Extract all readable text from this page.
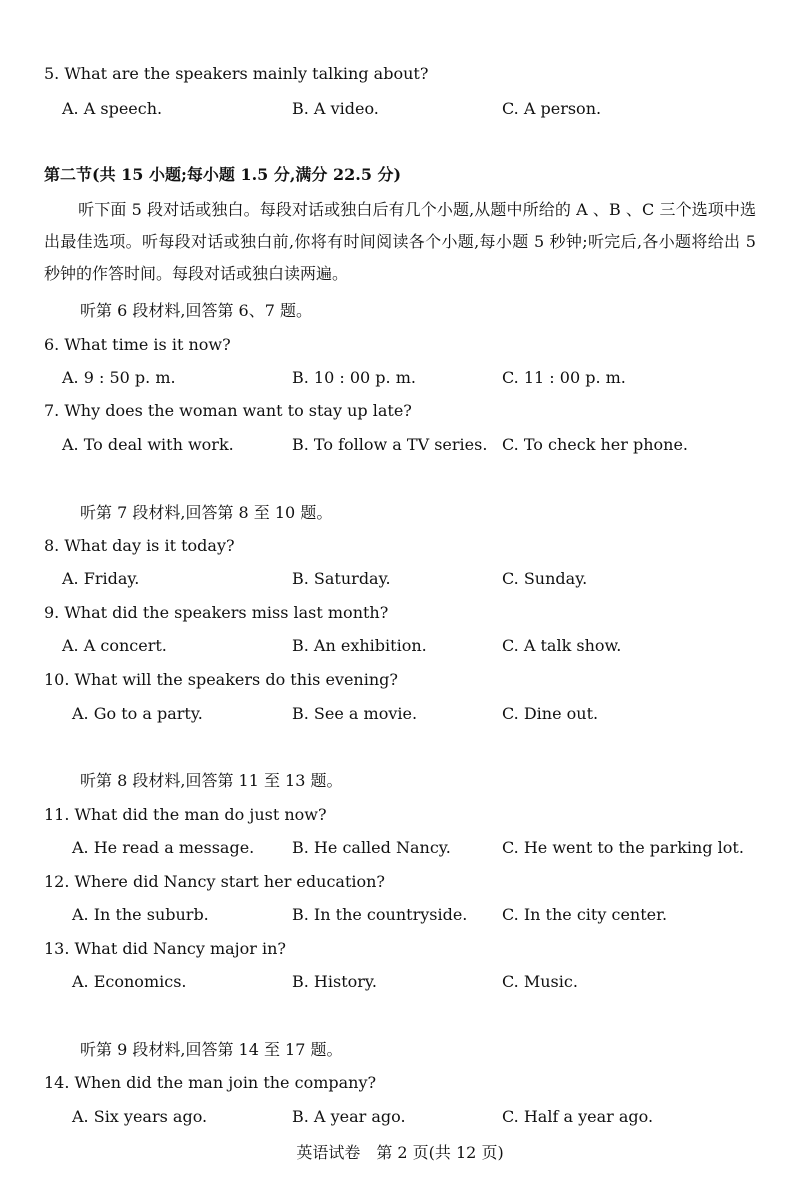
5. What are the speakers mainly talking about?
A. A speech.	B. A video.	C. A person.
第二节(共 15 小题;每小题 1.5 分,满分 22.5 分)
听下面 5 段对话或独白。每段对话或独白后有几个小题,从题中所给的 A 、B 、C 三个选项中选出最佳选项。听每段对话或独白前,你将有时间阅读各个小题,每小题 5 秒钟;听完后,各小题将给出 5 秒钟的作答时间。每段对话或独白读两遍。
听第 6 段材料,回答第 6、7 题。
6. What time is it now?
A. 9 : 50 p. m.	B. 10 : 00 p. m.	C. 11 : 00 p. m.
7. Why does the woman want to stay up late?
A. To deal with work.	B. To follow a TV series. C. To check her phone.
听第 7 段材料,回答第 8 至 10 题。
8. What day is it today?
A. Friday.	B. Saturday.	C. Sunday.
9. What did the speakers miss last month?
A. A concert.	B. An exhibition.	C. A talk show.
10. What will the speakers do this evening?
A. Go to a party.	B. See a movie.	C. Dine out.
听第 8 段材料,回答第 11 至 13 题。
11. What did the man do just now?
A. He read a message. B. He called Nancy.	C. He went to the parking lot.
12. Where did Nancy start her education?
A. In the suburb.	B. In the countryside. C. In the city center.
13. What did Nancy major in?
A. Economics.	B. History.	C. Music.
听第 9 段材料,回答第 14 至 17 题。
14. When did the man join the company?
A. Six years ago.	B. A year ago.	C. Half a year ago.
英语试卷　第 2 页(共 12 页)
